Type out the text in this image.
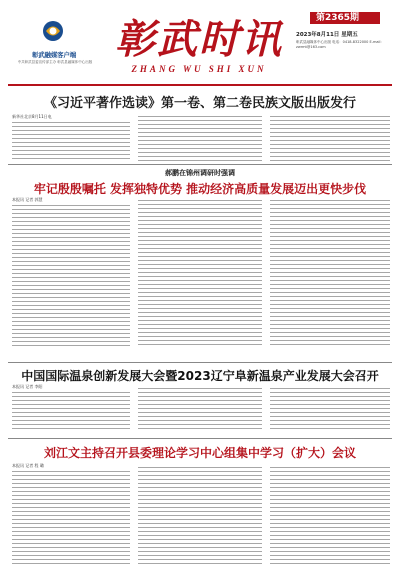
彰武融媒客户端
中共彰武县委宣传部主办 彰武县融媒体中心出版 彰武时讯
ZHANG WU SHI XUN
第2365期
2023年8月11日 星期五
彰武县融媒体中心出版 电话：0418-8322000 E-mail：zwrmt@163.com
《习近平著作选读》第一卷、第二卷民族文版出版发行
新华社北京8月11日电
郝鹏在锦州调研时强调
牢记殷殷嘱托 发挥独特优势 推动经济高质量发展迈出更快步伐
本报讯 记者 郭慧
中国国际温泉创新发展大会暨2023辽宁阜新温泉产业发展大会召开
本报讯 记者 李阳
刘江文主持召开县委理论学习中心组集中学习（扩大）会议
本报讯 记者 程 璐
